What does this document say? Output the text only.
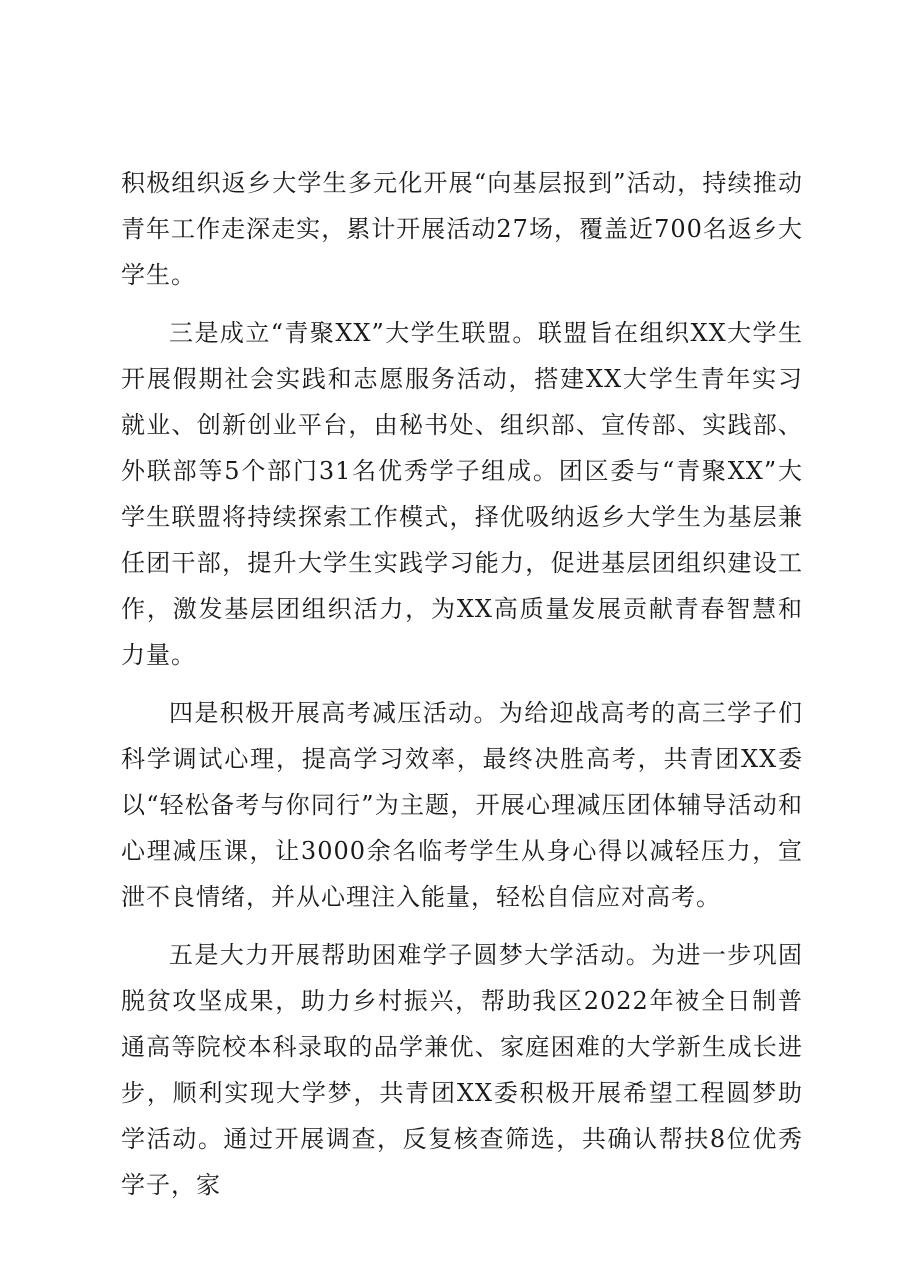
积极组织返乡大学生多元化开展“向基层报到”活动，持续推动青年工作走深走实，累计开展活动27场，覆盖近700名返乡大学生。

三是成立“青聚XX”大学生联盟。联盟旨在组织XX大学生开展假期社会实践和志愿服务活动，搭建XX大学生青年实习就业、创新创业平台，由秘书处、组织部、宣传部、实践部、外联部等5个部门31名优秀学子组成。团区委与“青聚XX”大学生联盟将持续探索工作模式，择优吸纳返乡大学生为基层兼任团干部，提升大学生实践学习能力，促进基层团组织建设工作，激发基层团组织活力，为XX高质量发展贡献青春智慧和力量。

四是积极开展高考减压活动。为给迎战高考的高三学子们科学调试心理，提高学习效率，最终决胜高考，共青团XX委以“轻松备考与你同行”为主题，开展心理减压团体辅导活动和心理减压课，让3000余名临考学生从身心得以减轻压力，宣泄不良情绪，并从心理注入能量，轻松自信应对高考。

五是大力开展帮助困难学子圆梦大学活动。为进一步巩固脱贫攻坚成果，助力乡村振兴，帮助我区2022年被全日制普通高等院校本科录取的品学兼优、家庭困难的大学新生成长进步，顺利实现大学梦，共青团XX委积极开展希望工程圆梦助学活动。通过开展调查，反复核查筛选，共确认帮扶8位优秀学子，家
